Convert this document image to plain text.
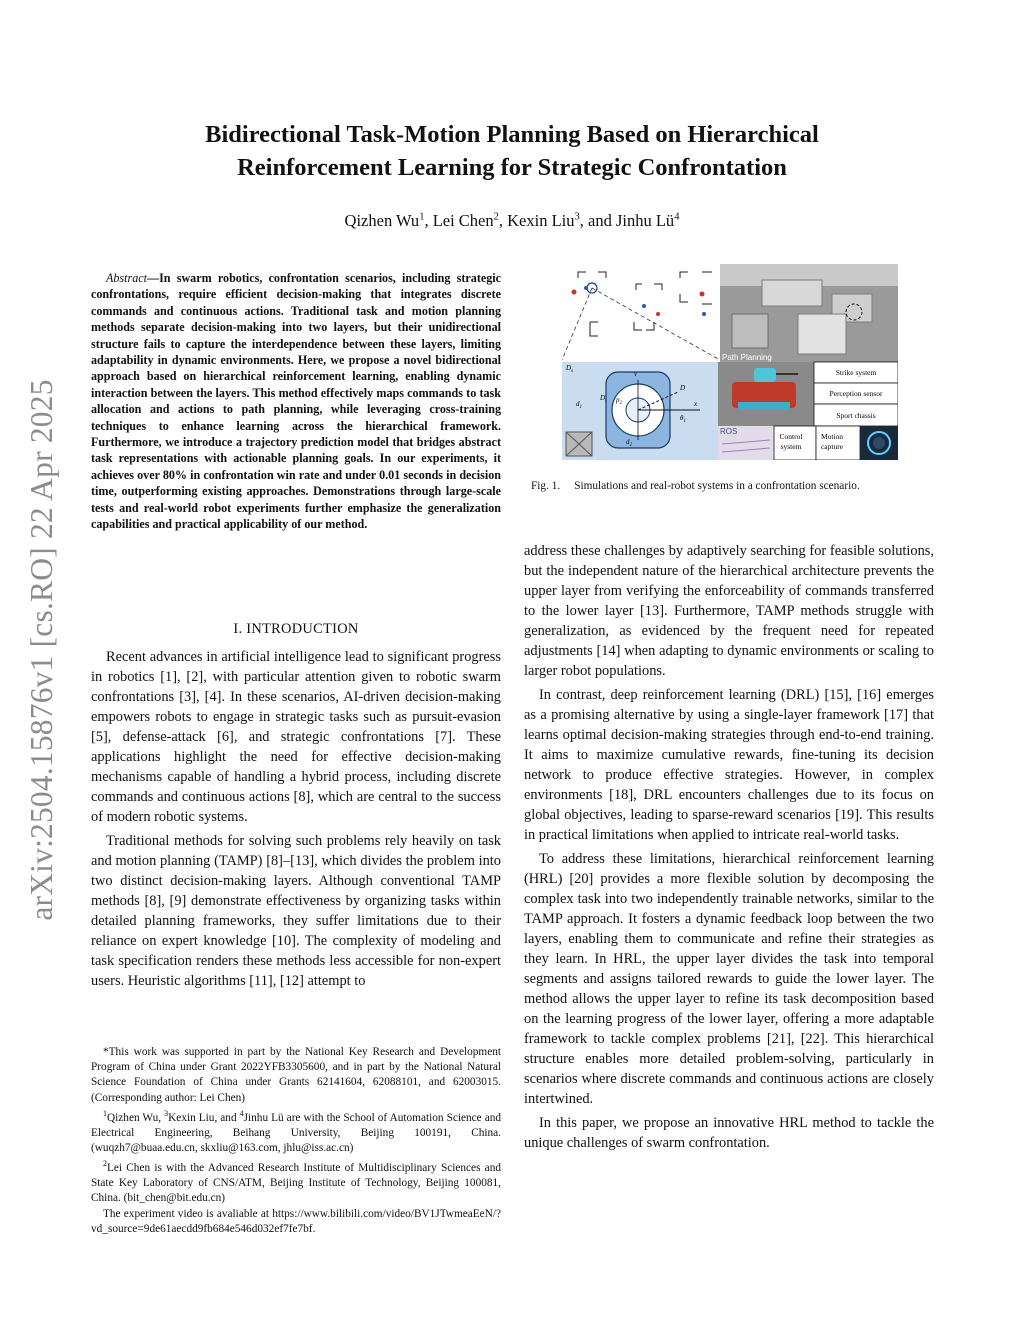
arXiv:2504.15876v1 [cs.RO] 22 Apr 2025
Bidirectional Task-Motion Planning Based on Hierarchical
Reinforcement Learning for Strategic Confrontation
Qizhen Wu$^1$, Lei Chen$^2$, Kexin Liu$^3$, and Jinhu $Lü^4$
Abstract—In swarm robotics, confrontation scenarios, including strategic confrontations, require efficient decision-making that integrates discrete commands and continuous actions. Traditional task and motion planning methods separate decision-making into two layers, but their unidirectional structure fails to capture the interdependence between these layers, limiting adaptability in dynamic environments. Here, we propose a novel bidirectional approach based on hierarchical reinforcement learning, enabling dynamic interaction between the layers. This method effectively maps commands to task allocation and actions to path planning, while leveraging cross-training techniques to enhance learning across the hierarchical framework. Furthermore, we introduce a trajectory prediction model that bridges abstract task representations with actionable planning goals. In our experiments, it achieves over 80% in confrontation win rate and under 0.01 seconds in decision time, outperforming existing approaches. Demonstrations through large-scale tests and real-world robot experiments further emphasize the generalization capabilities and practical applicability of our method.
I. INTRODUCTION

Recent advances in artificial intelligence lead to significant progress in robotics [1], [2], with particular attention given to robotic swarm confrontations [3], [4]. In these scenarios, AI-driven decision-making empowers robots to engage in strategic tasks such as pursuit-evasion [5], defense-attack [6], and strategic confrontations [7]. These applications highlight the need for effective decision-making mechanisms capable of handling a hybrid process, including discrete commands and continuous actions [8], which are central to the success of modern robotic systems.

Traditional methods for solving such problems rely heavily on task and motion planning (TAMP) [8]–[13], which divides the problem into two distinct decision-making layers. Although conventional TAMP methods [8], [9] demonstrate effectiveness by organizing tasks within detailed planning frameworks, they suffer limitations due to their reliance on expert knowledge [10]. The complexity of modeling and task specification renders these methods less accessible for non-expert users. Heuristic algorithms [11], [12] attempt to

*This work was supported in part by the National Key Research and Development Program of China under Grant 2022YFB3305600, and in part by the National Natural Science Foundation of China under Grants 62141604, 62088101, and 62003015. (Corresponding author: Lei Chen)

$^1$Qizhen Wu, $^3$Kexin Liu, and $^4$Jinhu Lü are with the School of Automation Science and Electrical Engineering, Beihang University, Beijing 100191, China. (wuqzh7@buaa.edu.cn, skxliu@163.com, jhlu@iss.ac.cn)

$^2$Lei Chen is with the Advanced Research Institute of Multidisciplinary Sciences and State Key Laboratory of CNS/ATM, Beijing Institute of Technology, Beijing 100081, China. (bit_chen@bit.edu.cn)

The experiment video is avaliable at https://www.bilibili.com/video/BV1JTwmeaEeN/?vd_source=9de61aecdd9fb684e546d032ef7fe7bf.

Path Planning
$D_s$
$d_1$
$d_2$
$D_i$ $p_2$
v
$\theta_1$
D
x
ROS
Strike system
Perception sensor
Sport chassis
Control
system
Motion
capture
Fig. 1. Simulations and real-robot systems in a confrontation scenario.

address these challenges by adaptively searching for feasible solutions, but the independent nature of the hierarchical architecture prevents the upper layer from verifying the enforceability of commands transferred to the lower layer [13]. Furthermore, TAMP methods struggle with generalization, as evidenced by the frequent need for repeated adjustments [14] when adapting to dynamic environments or scaling to larger robot populations.

In contrast, deep reinforcement learning (DRL) [15], [16] emerges as a promising alternative by using a single-layer framework [17] that learns optimal decision-making strategies through end-to-end training. It aims to maximize cumulative rewards, fine-tuning its decision network to produce effective strategies. However, in complex environments [18], DRL encounters challenges due to its focus on global objectives, leading to sparse-reward scenarios [19]. This results in practical limitations when applied to intricate real-world tasks.

To address these limitations, hierarchical reinforcement learning (HRL) [20] provides a more flexible solution by decomposing the complex task into two independently trainable networks, similar to the TAMP approach. It fosters a dynamic feedback loop between the two layers, enabling them to communicate and refine their strategies as they learn. In HRL, the upper layer divides the task into temporal segments and assigns tailored rewards to guide the lower layer. The method allows the upper layer to refine its task decomposition based on the learning progress of the lower layer, offering a more adaptable framework to tackle complex problems [21], [22]. This hierarchical structure enables more detailed problem-solving, particularly in scenarios where discrete commands and continuous actions are closely intertwined.

In this paper, we propose an innovative HRL method to tackle the unique challenges of swarm confrontation.
